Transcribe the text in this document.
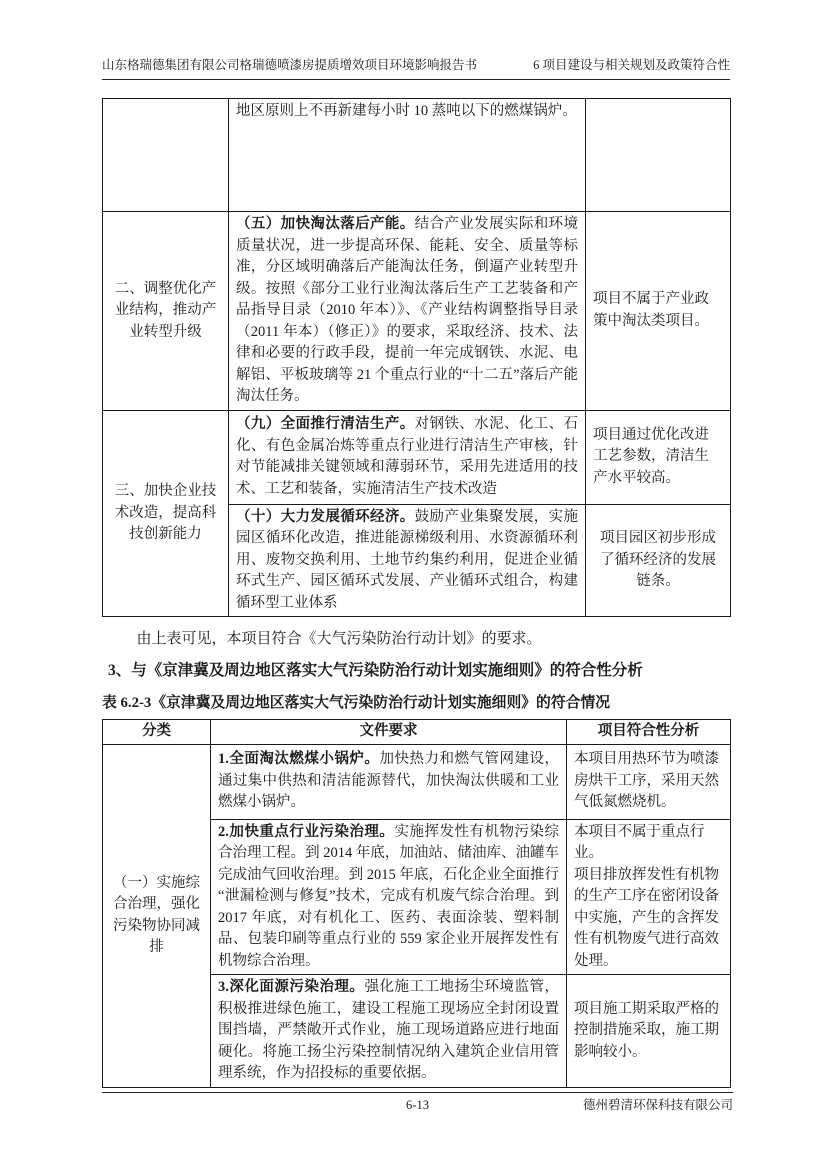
山东格瑞德集团有限公司格瑞德喷漆房提质增效项目环境影响报告书	6 项目建设与相关规划及政策符合性
	地区原则上不再新建每小时 10 蒸吨以下的燃煤锅炉。	
二、调整优化产业结构，推动产业转型升级	（五）加快淘汰落后产能。结合产业发展实际和环境质量状况，进一步提高环保、能耗、安全、质量等标准，分区域明确落后产能淘汰任务，倒逼产业转型升级。按照《部分工业行业淘汰落后生产工艺装备和产品指导目录（2010 年本）》、《产业结构调整指导目录（2011 年本）（修正）》的要求，采取经济、技术、法律和必要的行政手段，提前一年完成钢铁、水泥、电解铝、平板玻璃等 21 个重点行业的“十二五”落后产能淘汰任务。	项目不属于产业政策中淘汰类项目。
三、加快企业技术改造，提高科技创新能力	（九）全面推行清洁生产。对钢铁、水泥、化工、石化、有色金属冶炼等重点行业进行清洁生产审核，针对节能减排关键领域和薄弱环节，采用先进适用的技术、工艺和装备，实施清洁生产技术改造	项目通过优化改进工艺参数，清洁生产水平较高。
	（十）大力发展循环经济。鼓励产业集聚发展，实施园区循环化改造，推进能源梯级利用、水资源循环利用、废物交换利用、土地节约集约利用，促进企业循环式生产、园区循环式发展、产业循环式组合，构建循环型工业体系	项目园区初步形成了循环经济的发展链条。

由上表可见，本项目符合《大气污染防治行动计划》的要求。

3、与《京津冀及周边地区落实大气污染防治行动计划实施细则》的符合性分析
表 6.2-3《京津冀及周边地区落实大气污染防治行动计划实施细则》的符合情况
分类	文件要求	项目符合性分析
（一）实施综合治理，强化污染物协同减排	1.全面淘汰燃煤小锅炉。加快热力和燃气管网建设，通过集中供热和清洁能源替代，加快淘汰供暖和工业燃煤小锅炉。	本项目用热环节为喷漆房烘干工序，采用天然气低氮燃烧机。
	2.加快重点行业污染治理。实施挥发性有机物污染综合治理工程。到 2014 年底，加油站、储油库、油罐车完成油气回收治理。到 2015 年底，石化企业全面推行“泄漏检测与修复”技术，完成有机废气综合治理。到 2017 年底，对有机化工、医药、表面涂装、塑料制品、包装印刷等重点行业的 559 家企业开展挥发性有机物综合治理。	本项目不属于重点行业。

项目排放挥发性有机物的生产工序在密闭设备中实施，产生的含挥发性有机物废气进行高效处理。

	3.深化面源污染治理。强化施工工地扬尘环境监管，积极推进绿色施工，建设工程施工现场应全封闭设置围挡墙，严禁敞开式作业，施工现场道路应进行地面硬化。将施工扬尘污染控制情况纳入建筑企业信用管理系统，作为招投标的重要依据。	项目施工期采取严格的控制措施采取，施工期影响较小。
6-13	德州碧清环保科技有限公司
